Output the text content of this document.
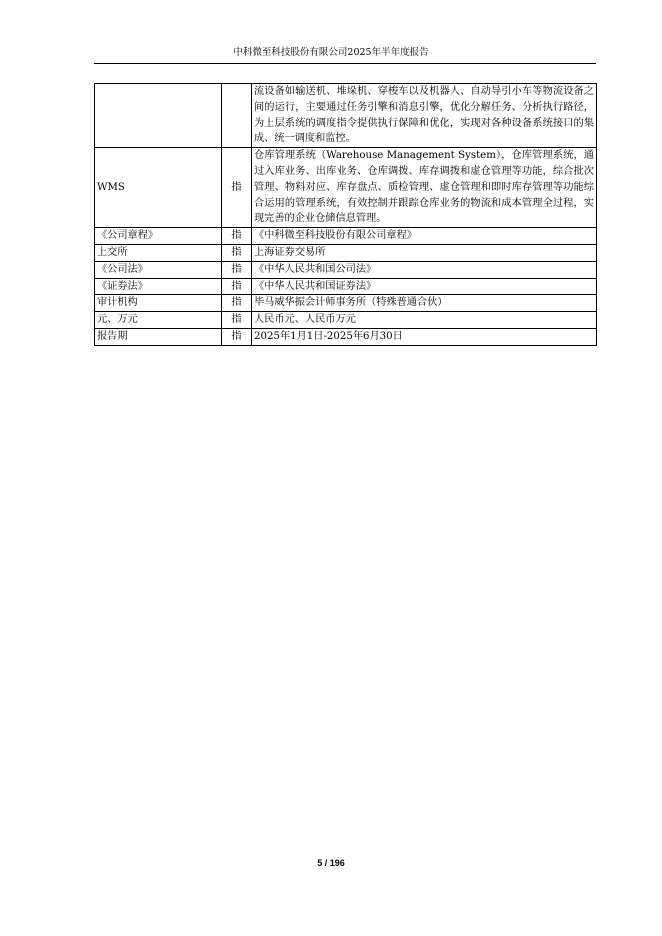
中科微至科技股份有限公司2025年半年度报告
		流设备如输送机、堆垛机、穿梭车以及机器人、自动导引小车等物流设备之间的运行，主要通过任务引擎和消息引擎，优化分解任务、分析执行路径，为上层系统的调度指令提供执行保障和优化，实现对各种设备系统接口的集成、统一调度和监控。
WMS	指	仓库管理系统（Warehouse Management System），仓库管理系统，通过入库业务、出库业务、仓库调拨、库存调拨和虚仓管理等功能，综合批次管理、物料对应、库存盘点、质检管理、虚仓管理和即时库存管理等功能综合运用的管理系统，有效控制并跟踪仓库业务的物流和成本管理全过程，实现完善的企业仓储信息管理。
《公司章程》	指	《中科微至科技股份有限公司章程》
上交所	指	上海证券交易所
《公司法》	指	《中华人民共和国公司法》
《证券法》	指	《中华人民共和国证券法》
审计机构	指	毕马威华振会计师事务所（特殊普通合伙）
元、万元	指	人民币元、人民币万元
报告期	指	2025年1月1日-2025年6月30日
5 / 196
